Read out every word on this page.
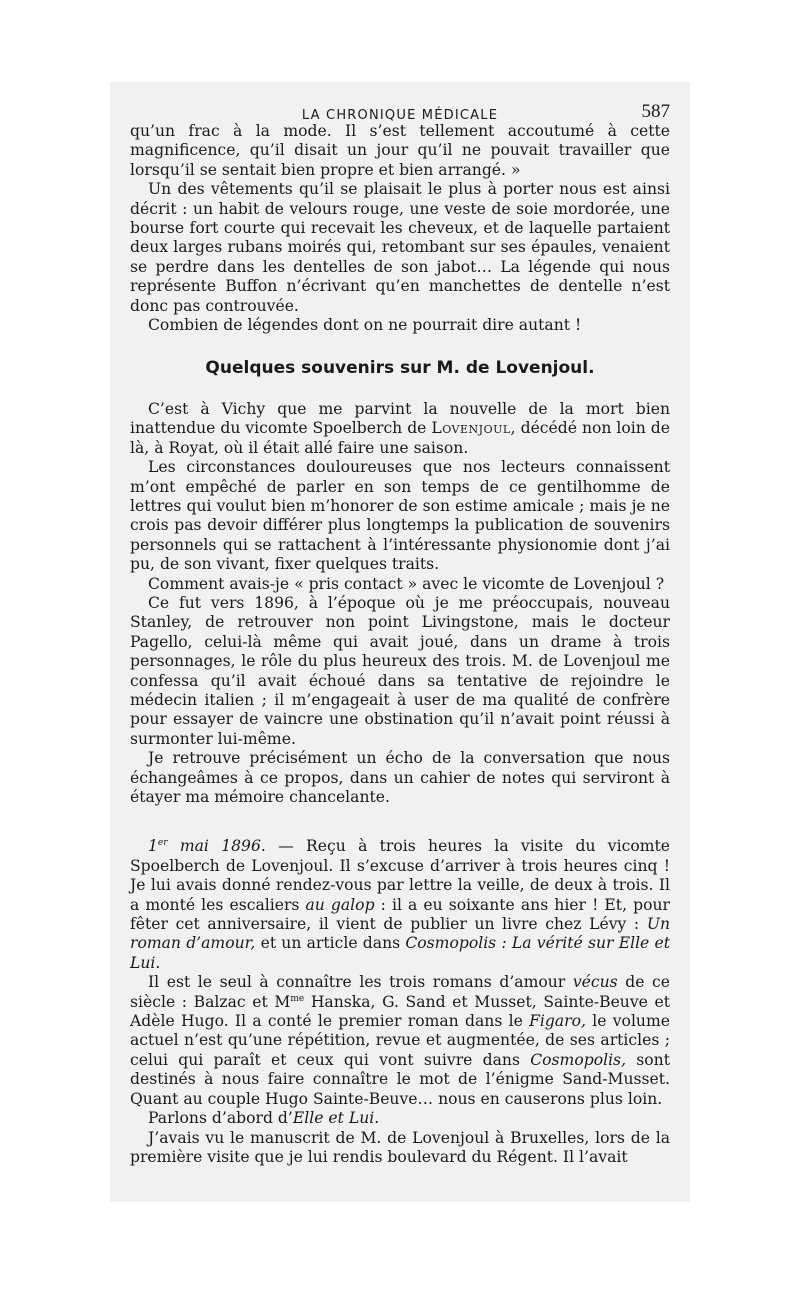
LA CHRONIQUE MÉDICALE	587

qu’un frac à la mode. Il s’est tellement accoutumé à cette magnificence, qu’il disait un jour qu’il ne pouvait travailler que lorsqu’il se sentait bien propre et bien arrangé. »

Un des vêtements qu’il se plaisait le plus à porter nous est ainsi décrit : un habit de velours rouge, une veste de soie mordorée, une bourse fort courte qui recevait les cheveux, et de laquelle partaient deux larges rubans moirés qui, retombant sur ses épaules, venaient se perdre dans les dentelles de son jabot… La légende qui nous représente Buffon n’écrivant qu’en manchettes de dentelle n’est donc pas controuvée.

Combien de légendes dont on ne pourrait dire autant !

Quelques souvenirs sur M. de Lovenjoul.

C’est à Vichy que me parvint la nouvelle de la mort bien inattendue du vicomte Spoelberch de Lovenjoul, décédé non loin de là, à Royat, où il était allé faire une saison.

Les circonstances douloureuses que nos lecteurs connaissent m’ont empêché de parler en son temps de ce gentilhomme de lettres qui voulut bien m’honorer de son estime amicale ; mais je ne crois pas devoir différer plus longtemps la publication de souvenirs personnels qui se rattachent à l’intéressante physionomie dont j’ai pu, de son vivant, fixer quelques traits.

Comment avais-je « pris contact » avec le vicomte de Lovenjoul ?

Ce fut vers 1896, à l’époque où je me préoccupais, nouveau Stanley, de retrouver non point Livingstone, mais le docteur Pagello, celui-là même qui avait joué, dans un drame à trois personnages, le rôle du plus heureux des trois. M. de Lovenjoul me confessa qu’il avait échoué dans sa tentative de rejoindre le médecin italien ; il m’engageait à user de ma qualité de confrère pour essayer de vaincre une obstination qu’il n’avait point réussi à surmonter lui-même.

Je retrouve précisément un écho de la conversation que nous échangeâmes à ce propos, dans un cahier de notes qui serviront à étayer ma mémoire chancelante.

1er mai 1896. — Reçu à trois heures la visite du vicomte Spoelberch de Lovenjoul. Il s’excuse d’arriver à trois heures cinq ! Je lui avais donné rendez-vous par lettre la veille, de deux à trois. Il a monté les escaliers au galop : il a eu soixante ans hier ! Et, pour fêter cet anniversaire, il vient de publier un livre chez Lévy : Un roman d’amour, et un article dans Cosmopolis : La vérité sur Elle et Lui.

Il est le seul à connaître les trois romans d’amour vécus de ce siècle : Balzac et $M^{me}$ Hanska, G. Sand et Musset, Sainte-Beuve et Adèle Hugo. Il a conté le premier roman dans le Figaro, le volume actuel n’est qu’une répétition, revue et augmentée, de ses articles ; celui qui paraît et ceux qui vont suivre dans Cosmopolis, sont destinés à nous faire connaître le mot de l’énigme Sand-Musset. Quant au couple Hugo Sainte-Beuve… nous en causerons plus loin.

Parlons d’abord d’Elle et Lui.

J’avais vu le manuscrit de M. de Lovenjoul à Bruxelles, lors de la première visite que je lui rendis boulevard du Régent. Il l’avait
